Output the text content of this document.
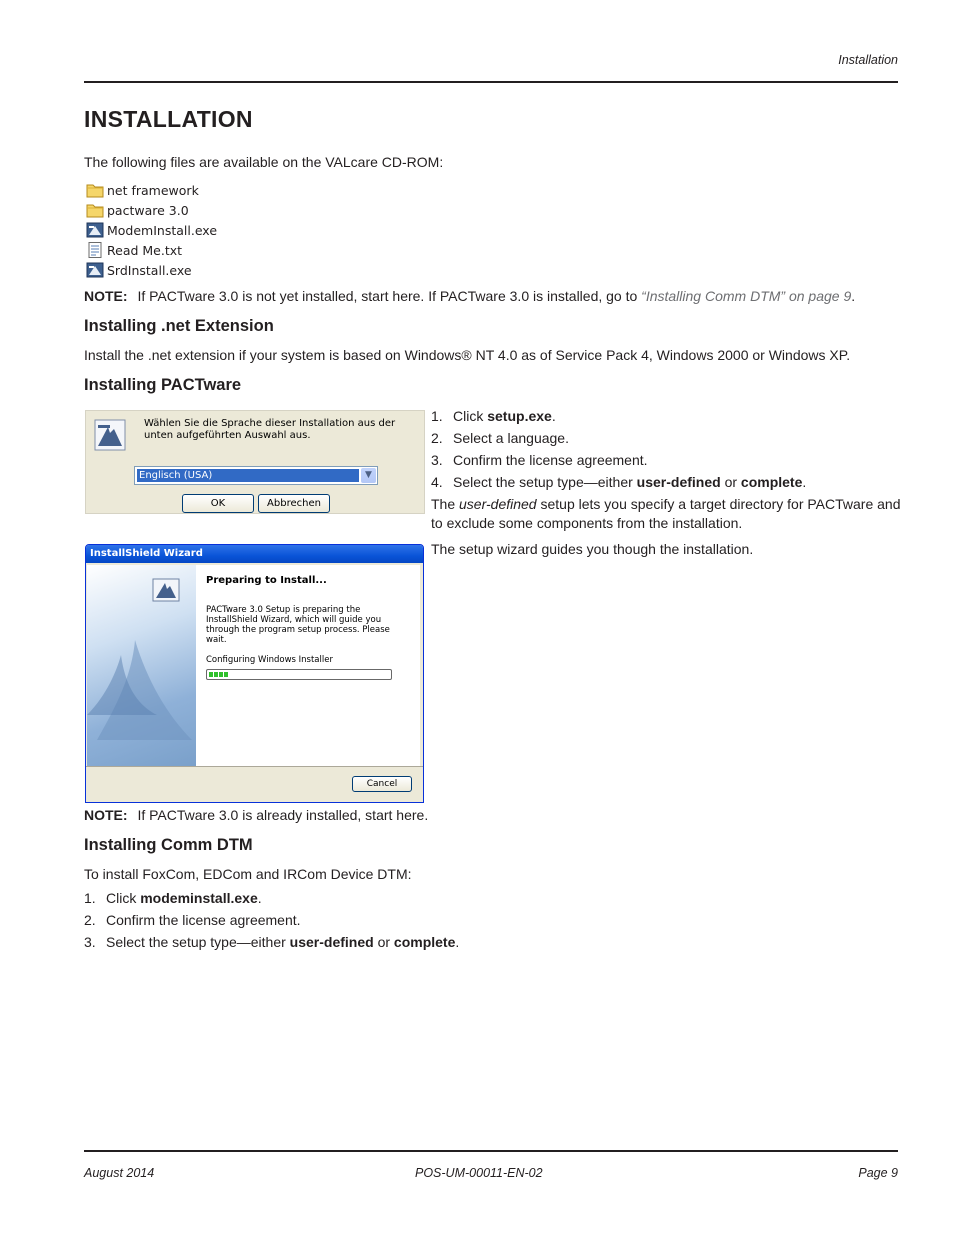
Installation
INSTALLATION
The following files are available on the VALcare CD-ROM:
net framework
pactware 3.0
ModemInstall.exe
Read Me.txt
SrdInstall.exe
NOTE: If PACTware 3.0 is not yet installed, start here. If PACTware 3.0 is installed, go to “Installing Comm DTM” on page 9.
Installing .net Extension
Install the .net extension if your system is based on Windows® NT 4.0 as of Service Pack 4, Windows 2000 or Windows XP.
Installing PACTware
Wählen Sie die Sprache dieser Installation aus der unten aufgeführten Auswahl aus.
Englisch (USA)	▼
OK	Abbrechen
1. Click setup.exe.
2. Select a language.
3. Confirm the license agreement.
4. Select the setup type—either user-defined or complete.
The user-defined setup lets you specify a target directory for PACTware and to exclude some components from the installation.
The setup wizard guides you though the installation.
InstallShield Wizard
Preparing to Install...
PACTware 3.0 Setup is preparing the InstallShield Wizard, which will guide you through the program setup process. Please wait.
Configuring Windows Installer
Cancel
NOTE: If PACTware 3.0 is already installed, start here.
Installing Comm DTM
To install FoxCom, EDCom and IRCom Device DTM:
1. Click modeminstall.exe.
2. Confirm the license agreement.
3. Select the setup type—either user-defined or complete.
August 2014	POS-UM-00011-EN-02	Page 9
